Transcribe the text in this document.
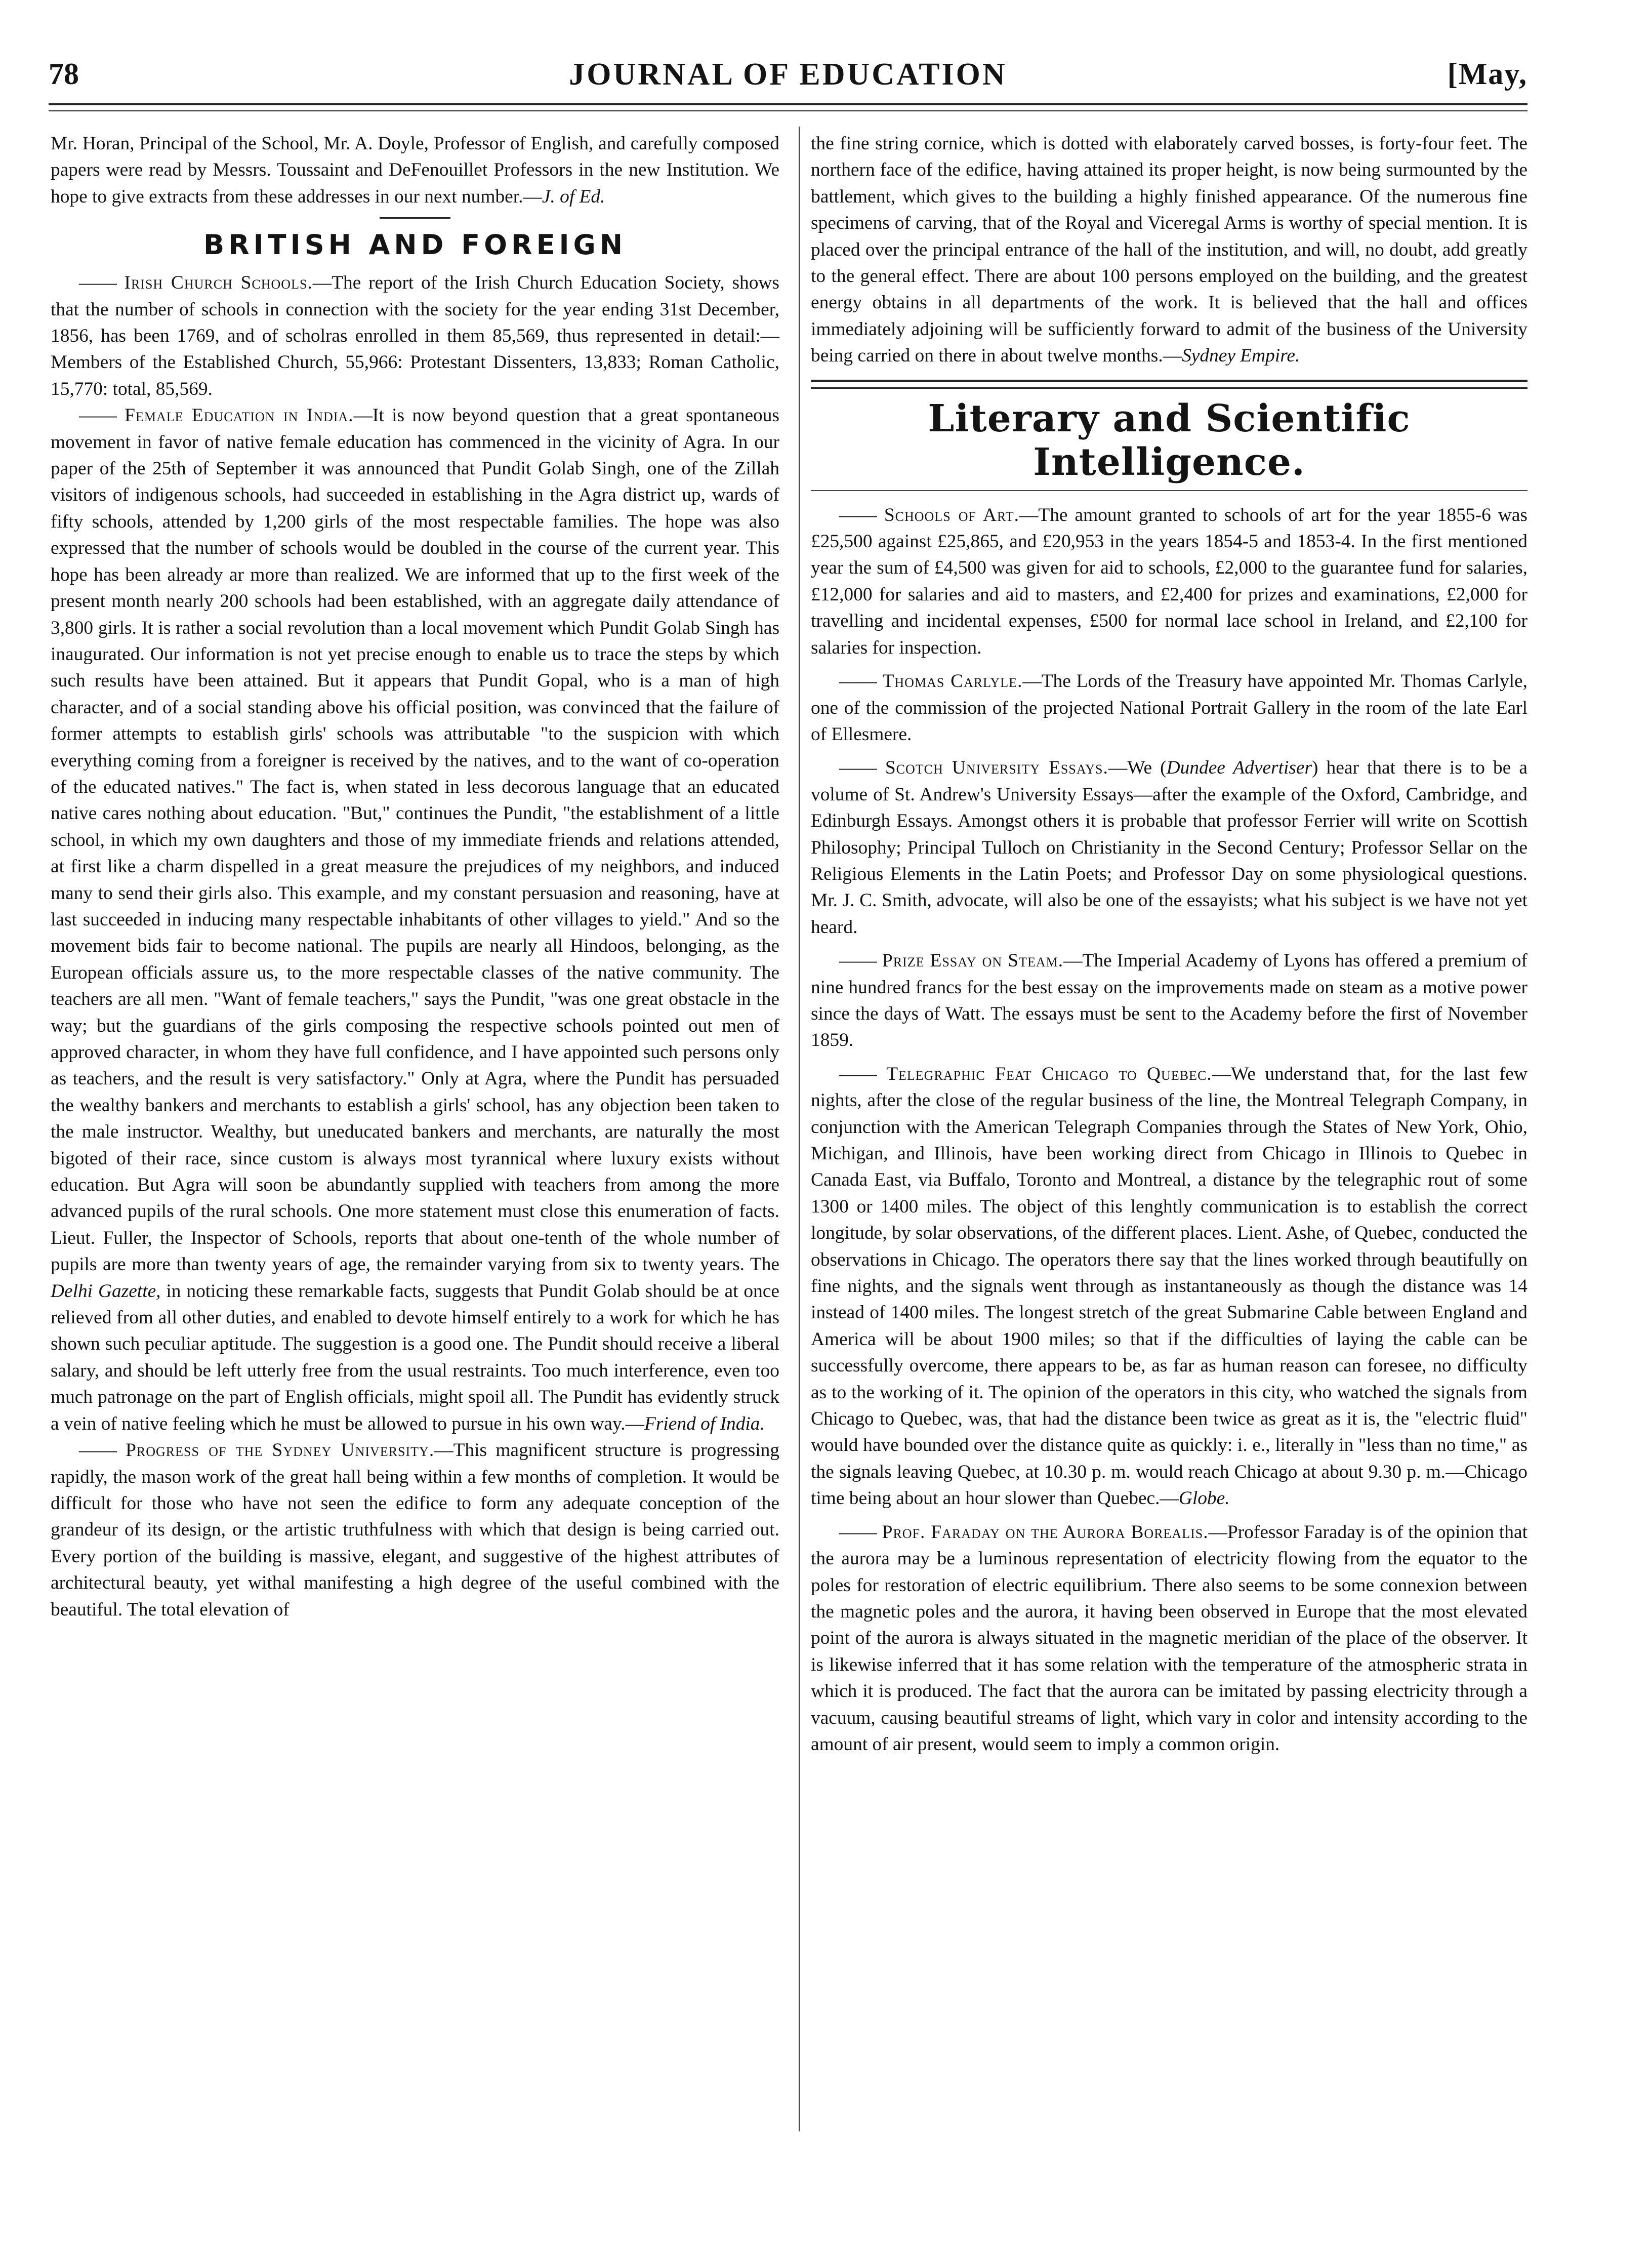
78	JOURNAL OF EDUCATION	[May,

Mr. Horan, Principal of the School, Mr. A. Doyle, Professor of English, and carefully composed papers were read by Messrs. Toussaint and DeFenouillet Professors in the new Institution. We hope to give extracts from these addresses in our next number.—J. of Ed.

BRITISH AND FOREIGN

—— Irish Church Schools.—The report of the Irish Church Education Society, shows that the number of schools in connection with the society for the year ending 31st December, 1856, has been 1769, and of scholras enrolled in them 85,569, thus represented in detail:—Members of the Established Church, 55,966: Protestant Dissenters, 13,833; Roman Catholic, 15,770: total, 85,569.

—— Female Education in India.—It is now beyond question that a great spontaneous movement in favor of native female education has commenced in the vicinity of Agra. In our paper of the 25th of September it was announced that Pundit Golab Singh, one of the Zillah visitors of indigenous schools, had succeeded in establishing in the Agra district up, wards of fifty schools, attended by 1,200 girls of the most respectable families. The hope was also expressed that the number of schools would be doubled in the course of the current year. This hope has been already ar more than realized. We are informed that up to the first week of the present month nearly 200 schools had been established, with an aggregate daily attendance of 3,800 girls. It is rather a social revolution than a local movement which Pundit Golab Singh has inaugurated. Our information is not yet precise enough to enable us to trace the steps by which such results have been attained. But it appears that Pundit Gopal, who is a man of high character, and of a social standing above his official position, was convinced that the failure of former attempts to establish girls' schools was attributable "to the suspicion with which everything coming from a foreigner is received by the natives, and to the want of co-operation of the educated natives." The fact is, when stated in less decorous language that an educated native cares nothing about education. "But," continues the Pundit, "the establishment of a little school, in which my own daughters and those of my immediate friends and relations attended, at first like a charm dispelled in a great measure the prejudices of my neighbors, and induced many to send their girls also. This example, and my constant persuasion and reasoning, have at last succeeded in inducing many respectable inhabitants of other villages to yield." And so the movement bids fair to become national. The pupils are nearly all Hindoos, belonging, as the European officials assure us, to the more respectable classes of the native community. The teachers are all men. "Want of female teachers," says the Pundit, "was one great obstacle in the way; but the guardians of the girls composing the respective schools pointed out men of approved character, in whom they have full confidence, and I have appointed such persons only as teachers, and the result is very satisfactory." Only at Agra, where the Pundit has persuaded the wealthy bankers and merchants to establish a girls' school, has any objection been taken to the male instructor. Wealthy, but uneducated bankers and merchants, are naturally the most bigoted of their race, since custom is always most tyrannical where luxury exists without education. But Agra will soon be abundantly supplied with teachers from among the more advanced pupils of the rural schools. One more statement must close this enumeration of facts. Lieut. Fuller, the Inspector of Schools, reports that about one-tenth of the whole number of pupils are more than twenty years of age, the remainder varying from six to twenty years. The Delhi Gazette, in noticing these remarkable facts, suggests that Pundit Golab should be at once relieved from all other duties, and enabled to devote himself entirely to a work for which he has shown such peculiar aptitude. The suggestion is a good one. The Pundit should receive a liberal salary, and should be left utterly free from the usual restraints. Too much interference, even too much patronage on the part of English officials, might spoil all. The Pundit has evidently struck a vein of native feeling which he must be allowed to pursue in his own way.—Friend of India.

—— Progress of the Sydney University.—This magnificent structure is progressing rapidly, the mason work of the great hall being within a few months of completion. It would be difficult for those who have not seen the edifice to form any adequate conception of the grandeur of its design, or the artistic truthfulness with which that design is being carried out. Every portion of the building is massive, elegant, and suggestive of the highest attributes of architectural beauty, yet withal manifesting a high degree of the useful combined with the beautiful. The total elevation of

the fine string cornice, which is dotted with elaborately carved bosses, is forty-four feet. The northern face of the edifice, having attained its proper height, is now being surmounted by the battlement, which gives to the building a highly finished appearance. Of the numerous fine specimens of carving, that of the Royal and Viceregal Arms is worthy of special mention. It is placed over the principal entrance of the hall of the institution, and will, no doubt, add greatly to the general effect. There are about 100 persons employed on the building, and the greatest energy obtains in all departments of the work. It is believed that the hall and offices immediately adjoining will be sufficiently forward to admit of the business of the University being carried on there in about twelve months.—Sydney Empire.

Literary and Scientific Intelligence.

—— Schools of Art.—The amount granted to schools of art for the year 1855-6 was £25,500 against £25,865, and £20,953 in the years 1854-5 and 1853-4. In the first mentioned year the sum of £4,500 was given for aid to schools, £2,000 to the guarantee fund for salaries, £12,000 for salaries and aid to masters, and £2,400 for prizes and examinations, £2,000 for travelling and incidental expenses, £500 for normal lace school in Ireland, and £2,100 for salaries for inspection.

—— Thomas Carlyle.—The Lords of the Treasury have appointed Mr. Thomas Carlyle, one of the commission of the projected National Portrait Gallery in the room of the late Earl of Ellesmere.

—— Scotch University Essays.—We (Dundee Advertiser) hear that there is to be a volume of St. Andrew's University Essays—after the example of the Oxford, Cambridge, and Edinburgh Essays. Amongst others it is probable that professor Ferrier will write on Scottish Philosophy; Principal Tulloch on Christianity in the Second Century; Professor Sellar on the Religious Elements in the Latin Poets; and Professor Day on some physiological questions. Mr. J. C. Smith, advocate, will also be one of the essayists; what his subject is we have not yet heard.

—— Prize Essay on Steam.—The Imperial Academy of Lyons has offered a premium of nine hundred francs for the best essay on the improvements made on steam as a motive power since the days of Watt. The essays must be sent to the Academy before the first of November 1859.

—— Telegraphic Feat Chicago to Quebec.—We understand that, for the last few nights, after the close of the regular business of the line, the Montreal Telegraph Company, in conjunction with the American Telegraph Companies through the States of New York, Ohio, Michigan, and Illinois, have been working direct from Chicago in Illinois to Quebec in Canada East, via Buffalo, Toronto and Montreal, a distance by the telegraphic rout of some 1300 or 1400 miles. The object of this lenghtly communication is to establish the correct longitude, by solar observations, of the different places. Lient. Ashe, of Quebec, conducted the observations in Chicago. The operators there say that the lines worked through beautifully on fine nights, and the signals went through as instantaneously as though the distance was 14 instead of 1400 miles. The longest stretch of the great Submarine Cable between England and America will be about 1900 miles; so that if the difficulties of laying the cable can be successfully overcome, there appears to be, as far as human reason can foresee, no difficulty as to the working of it. The opinion of the operators in this city, who watched the signals from Chicago to Quebec, was, that had the distance been twice as great as it is, the "electric fluid" would have bounded over the distance quite as quickly: i. e., literally in "less than no time," as the signals leaving Quebec, at 10.30 p. m. would reach Chicago at about 9.30 p. m.—Chicago time being about an hour slower than Quebec.—Globe.

—— Prof. Faraday on the Aurora Borealis.—Professor Faraday is of the opinion that the aurora may be a luminous representation of electricity flowing from the equator to the poles for restoration of electric equilibrium. There also seems to be some connexion between the magnetic poles and the aurora, it having been observed in Europe that the most elevated point of the aurora is always situated in the magnetic meridian of the place of the observer. It is likewise inferred that it has some relation with the temperature of the atmospheric strata in which it is produced. The fact that the aurora can be imitated by passing electricity through a vacuum, causing beautiful streams of light, which vary in color and intensity according to the amount of air present, would seem to imply a common origin.
